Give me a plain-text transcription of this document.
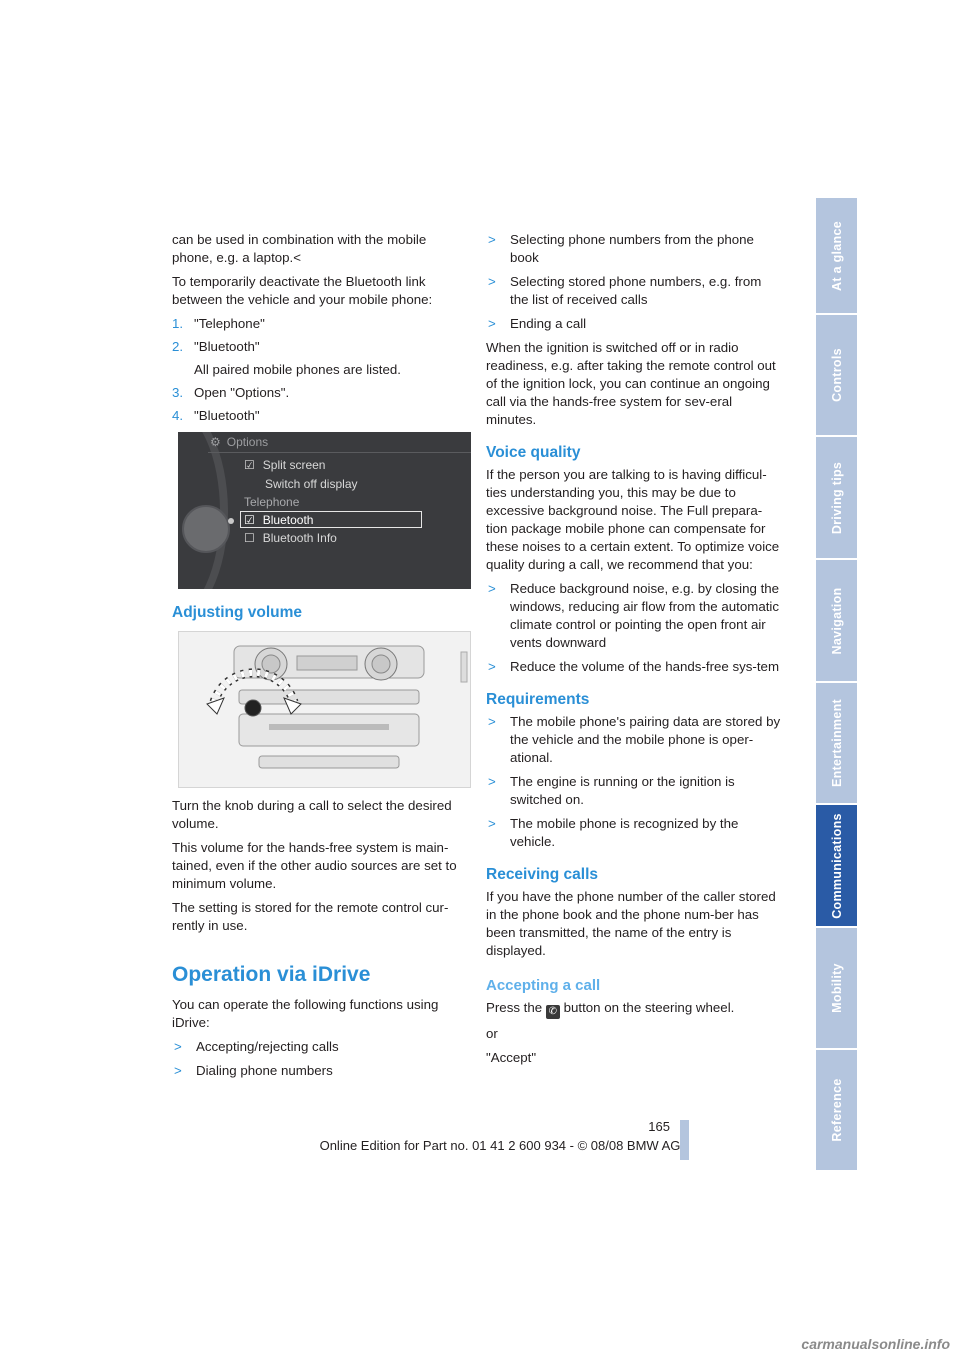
can be used in combination with the mobile
phone, e.g. a laptop.<

To temporarily deactivate the Bluetooth link between the vehicle and your mobile phone:

1. "Telephone"
2. "Bluetooth"
All paired mobile phones are listed.
3. Open "Options".
4. "Bluetooth"
⚙ Options
☑ Split screen
Switch off display
Telephone
☑ Bluetooth
☐ Bluetooth Info
Adjusting volume

Turn the knob during a call to select the desired volume.

This volume for the hands-free system is main-tained, even if the other audio sources are set to minimum volume.

The setting is stored for the remote control cur-rently in use.

Operation via iDrive

You can operate the following functions using iDrive:

> Accepting/rejecting calls
> Dialing phone numbers
> Selecting phone numbers from the phone book
> Selecting stored phone numbers, e.g. from the list of received calls
> Ending a call

When the ignition is switched off or in radio readiness, e.g. after taking the remote control out of the ignition lock, you can continue an ongoing call via the hands-free system for sev-eral minutes.

Voice quality

If the person you are talking to is having difficul-ties understanding you, this may be due to excessive background noise. The Full prepara-tion package mobile phone can compensate for these noises to a certain extent. To optimize voice quality during a call, we recommend that you:

> Reduce background noise, e.g. by closing the windows, reducing air flow from the automatic climate control or pointing the open front air vents downward
> Reduce the volume of the hands-free sys-tem
Requirements
> The mobile phone's pairing data are stored by the vehicle and the mobile phone is oper-ational.
> The engine is running or the ignition is switched on.
> The mobile phone is recognized by the vehicle.
Receiving calls

If you have the phone number of the caller stored in the phone book and the phone num-ber has been transmitted, the name of the entry is displayed.

Accepting a call

Press the ✆ button on the steering wheel.

or

"Accept"

At a glance
Controls
Driving tips
Navigation
Entertainment
Communications
Mobility
Reference
165
Online Edition for Part no. 01 41 2 600 934 - © 08/08 BMW AG
carmanualsonline.info
